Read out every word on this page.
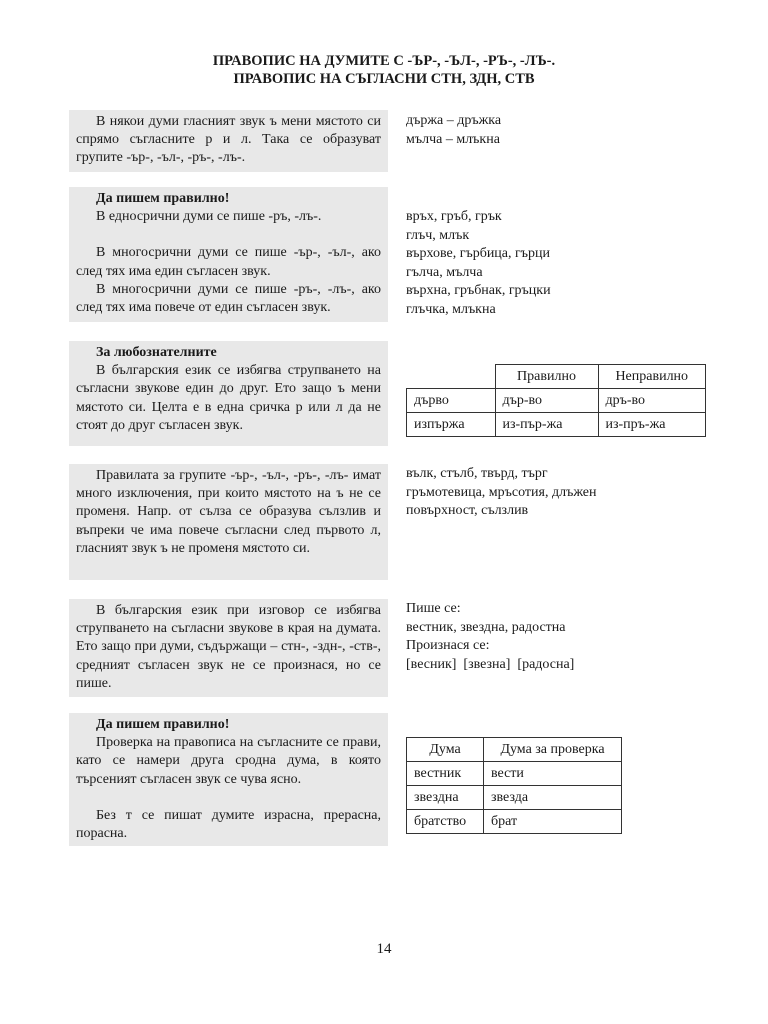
ПРАВОПИС НА ДУМИТЕ С -ЪР-, -ЪЛ-, -РЪ-, -ЛЪ-.
ПРАВОПИС НА СЪГЛАСНИ СТН, ЗДН, СТВ

В някои думи гласният звук ъ мени мястото си спрямо съгласните р и л. Така се образуват групите -ър-, -ъл-, -ръ-, -лъ-.

държа – дръжка
мълча – млъкна

Да пишем правилно!

В едносрични думи се пише -ръ, -лъ-.

В многосрични думи се пише -ър-, -ъл-, ако след тях има един съгласен звук.

В многосрични думи се пише -ръ-, -лъ-, ако след тях има повече от един съгласен звук.

връх, гръб, грък
глъч, млък
върхове, гърбица, гърци
гълча, мълча
върхна, гръбнак, гръцки
глъчка, млъкна

За любознателните

В българския език се избягва струпването на съгласни звукове един до друг. Ето защо ъ мени мястото си. Целта е в една сричка р или л да не стоят до друг съгласен звук.

	Правилно	Неправилно
дърво	дър-во	дръ-во
изпържа	из-пър-жа	из-пръ-жа

Правилата за групите -ър-, -ъл-, -ръ-, -лъ- имат много изключения, при които мястото на ъ не се променя. Напр. от сълза се образува сълзлив и въпреки че има повече съгласни след първото л, гласният звук ъ не променя мястото си.

вълк, стълб, твърд, търг
гръмотевица, мръсотия, длъжен
повърхност, сълзлив

В българския език при изговор се избягва струпването на съгласни звукове в края на думата. Ето защо при думи, съдържащи – стн-, -здн-, -ств-, средният съгласен звук не се произнася, но се пише.

Пише се:
вестник, звездна, радостна
Произнася се:
[весник]  [звезна]  [радосна]

Да пишем правилно!

Проверка на правописа на съгласните се прави, като се намери друга сродна дума, в която търсеният съгласен звук се чува ясно.

Без т се пишат думите израсна, прерасна, порасна.

Дума	Дума за проверка
вестник	вести
звездна	звезда
братство	брат
14
